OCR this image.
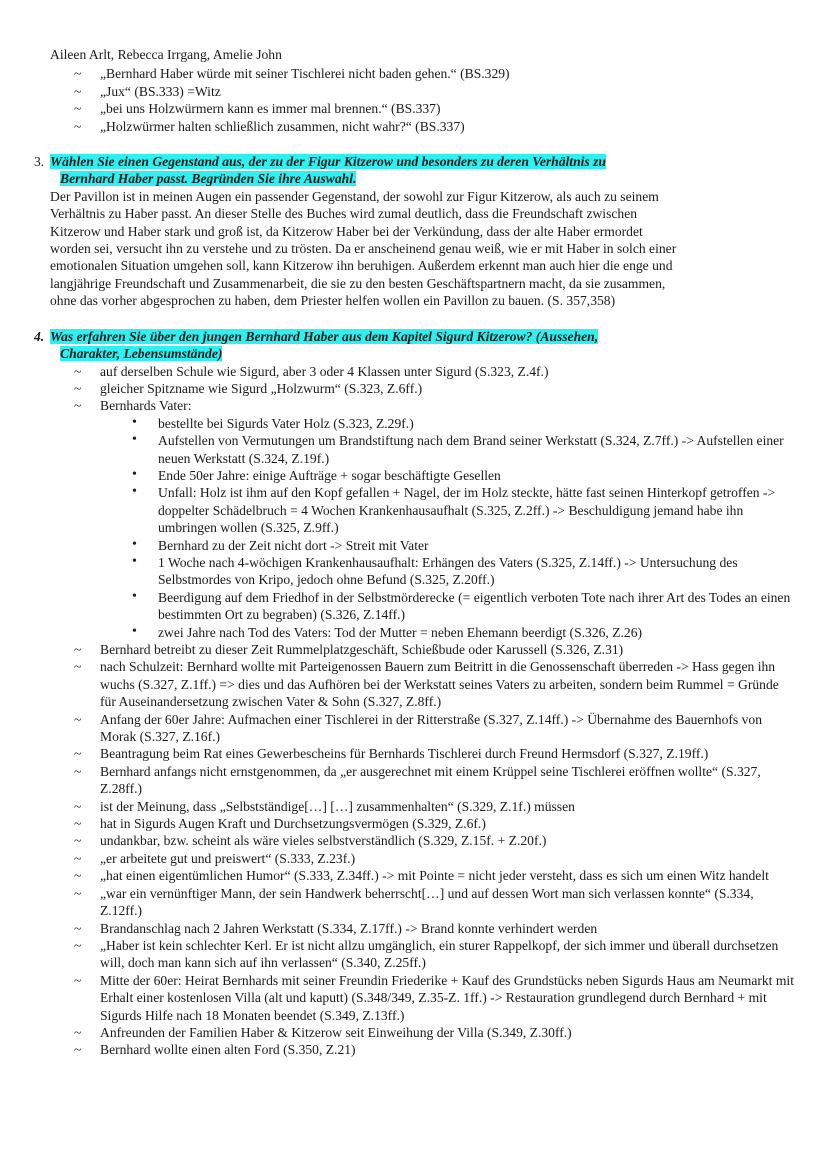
Aileen Arlt, Rebecca Irrgang, Amelie John
~ „Bernhard Haber würde mit seiner Tischlerei nicht baden gehen.“ (BS.329)
~ „Jux“ (BS.333) =Witz
~ „bei uns Holzwürmern kann es immer mal brennen.“ (BS.337)
~ „Holzwürmer halten schließlich zusammen, nicht wahr?“ (BS.337)
3. Wählen Sie einen Gegenstand aus, der zu der Figur Kitzerow und besonders zu deren Verhältnis zu
Bernhard Haber passt. Begründen Sie ihre Auswahl.
Der Pavillon ist in meinen Augen ein passender Gegenstand, der sowohl zur Figur Kitzerow, als auch zu seinem
Verhältnis zu Haber passt. An dieser Stelle des Buches wird zumal deutlich, dass die Freundschaft zwischen
Kitzerow und Haber stark und groß ist, da Kitzerow Haber bei der Verkündung, dass der alte Haber ermordet
worden sei, versucht ihn zu verstehe und zu trösten. Da er anscheinend genau weiß, wie er mit Haber in solch einer
emotionalen Situation umgehen soll, kann Kitzerow ihn beruhigen. Außerdem erkennt man auch hier die enge und
langjährige Freundschaft und Zusammenarbeit, die sie zu den besten Geschäftspartnern macht, da sie zusammen,
ohne das vorher abgesprochen zu haben, dem Priester helfen wollen ein Pavillon zu bauen. (S. 357,358)
4. Was erfahren Sie über den jungen Bernhard Haber aus dem Kapitel Sigurd Kitzerow? (Aussehen,
Charakter, Lebensumstände)
~ auf derselben Schule wie Sigurd, aber 3 oder 4 Klassen unter Sigurd (S.323, Z.4f.)
~ gleicher Spitzname wie Sigurd „Holzwurm“ (S.323, Z.6ff.)
~ Bernhards Vater:
• bestellte bei Sigurds Vater Holz (S.323, Z.29f.)
• Aufstellen von Vermutungen um Brandstiftung nach dem Brand seiner Werkstatt (S.324, Z.7ff.) -> Aufstellen einer neuen Werkstatt (S.324, Z.19f.)
• Ende 50er Jahre: einige Aufträge + sogar beschäftigte Gesellen
• Unfall: Holz ist ihm auf den Kopf gefallen + Nagel, der im Holz steckte, hätte fast seinen Hinterkopf getroffen -> doppelter Schädelbruch = 4 Wochen Krankenhausaufhalt (S.325, Z.2ff.) -> Beschuldigung jemand habe ihn umbringen wollen (S.325, Z.9ff.)
• Bernhard zu der Zeit nicht dort -> Streit mit Vater
• 1 Woche nach 4-wöchigen Krankenhausaufhalt: Erhängen des Vaters (S.325, Z.14ff.) -> Untersuchung des Selbstmordes von Kripo, jedoch ohne Befund (S.325, Z.20ff.)
• Beerdigung auf dem Friedhof in der Selbstmörderecke (= eigentlich verboten Tote nach ihrer Art des Todes an einen bestimmten Ort zu begraben) (S.326, Z.14ff.)
• zwei Jahre nach Tod des Vaters: Tod der Mutter = neben Ehemann beerdigt (S.326, Z.26)
~ Bernhard betreibt zu dieser Zeit Rummelplatzgeschäft, Schießbude oder Karussell (S.326, Z.31)
~ nach Schulzeit: Bernhard wollte mit Parteigenossen Bauern zum Beitritt in die Genossenschaft überreden -> Hass gegen ihn wuchs (S.327, Z.1ff.) => dies und das Aufhören bei der Werkstatt seines Vaters zu arbeiten, sondern beim Rummel = Gründe für Auseinandersetzung zwischen Vater & Sohn (S.327, Z.8ff.)
~ Anfang der 60er Jahre: Aufmachen einer Tischlerei in der Ritterstraße (S.327, Z.14ff.) -> Übernahme des Bauernhofs von Morak (S.327, Z.16f.)
~ Beantragung beim Rat eines Gewerbescheins für Bernhards Tischlerei durch Freund Hermsdorf (S.327, Z.19ff.)
~ Bernhard anfangs nicht ernstgenommen, da „er ausgerechnet mit einem Krüppel seine Tischlerei eröffnen wollte“ (S.327, Z.28ff.)
~ ist der Meinung, dass „Selbstständige[…] […] zusammenhalten“ (S.329, Z.1f.) müssen
~ hat in Sigurds Augen Kraft und Durchsetzungsvermögen (S.329, Z.6f.)
~ undankbar, bzw. scheint als wäre vieles selbstverständlich (S.329, Z.15f. + Z.20f.)
~ „er arbeitete gut und preiswert“ (S.333, Z.23f.)
~ „hat einen eigentümlichen Humor“ (S.333, Z.34ff.) -> mit Pointe = nicht jeder versteht, dass es sich um einen Witz handelt
~ „war ein vernünftiger Mann, der sein Handwerk beherrscht[…] und auf dessen Wort man sich verlassen konnte“ (S.334, Z.12ff.)
~ Brandanschlag nach 2 Jahren Werkstatt (S.334, Z.17ff.) -> Brand konnte verhindert werden
~ „Haber ist kein schlechter Kerl. Er ist nicht allzu umgänglich, ein sturer Rappelkopf, der sich immer und überall durchsetzen will, doch man kann sich auf ihn verlassen“ (S.340, Z.25ff.)
~ Mitte der 60er: Heirat Bernhards mit seiner Freundin Friederike + Kauf des Grundstücks neben Sigurds Haus am Neumarkt mit Erhalt einer kostenlosen Villa (alt und kaputt) (S.348/349, Z.35-Z. 1ff.) -> Restauration grundlegend durch Bernhard + mit Sigurds Hilfe nach 18 Monaten beendet (S.349, Z.13ff.)
~ Anfreunden der Familien Haber & Kitzerow seit Einweihung der Villa (S.349, Z.30ff.)
~ Bernhard wollte einen alten Ford (S.350, Z.21)
